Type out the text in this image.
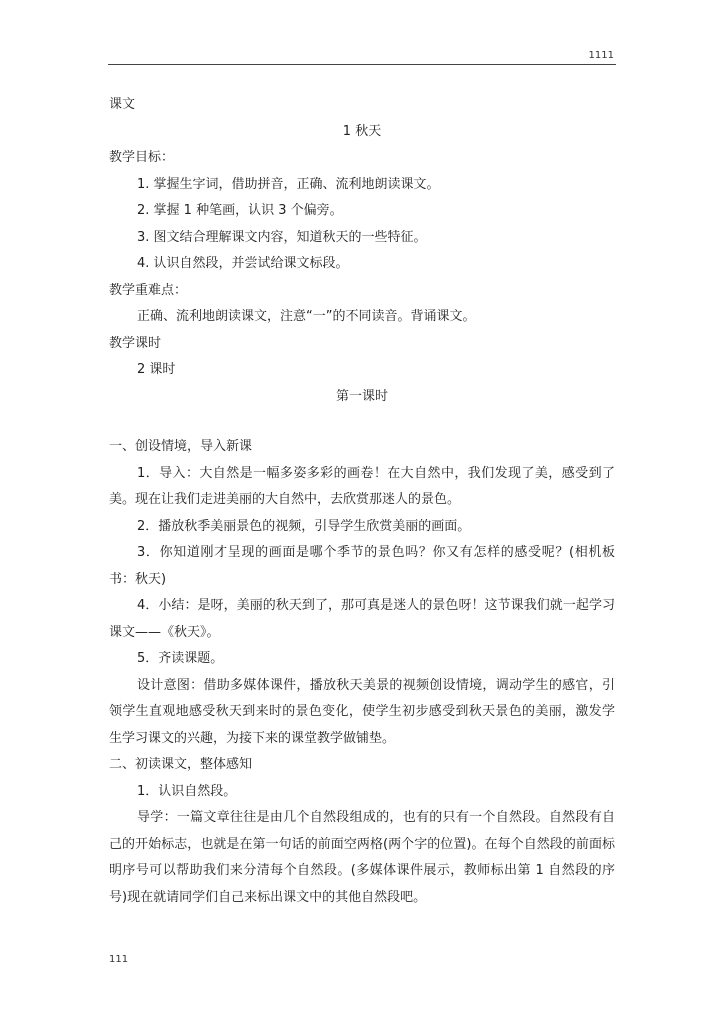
1111

课文

1 秋天

教学目标：

1. 掌握生字词，借助拼音，正确、流利地朗读课文。

2. 掌握 1 种笔画，认识 3 个偏旁。

3. 图文结合理解课文内容，知道秋天的一些特征。

4. 认识自然段，并尝试给课文标段。

教学重难点：

正确、流利地朗读课文，注意“一”的不同读音。背诵课文。

教学课时

2 课时

第一课时

一、创设情境，导入新课

1．导入：大自然是一幅多姿多彩的画卷！在大自然中，我们发现了美，感受到了美。现在让我们走进美丽的大自然中，去欣赏那迷人的景色。

2．播放秋季美丽景色的视频，引导学生欣赏美丽的画面。

3．你知道刚才呈现的画面是哪个季节的景色吗？你又有怎样的感受呢？(相机板书：秋天)

4．小结：是呀，美丽的秋天到了，那可真是迷人的景色呀！这节课我们就一起学习课文——《秋天》。

5．齐读课题。

设计意图：借助多媒体课件，播放秋天美景的视频创设情境，调动学生的感官，引领学生直观地感受秋天到来时的景色变化，使学生初步感受到秋天景色的美丽，激发学生学习课文的兴趣，为接下来的课堂教学做铺垫。

二、初读课文，整体感知

1．认识自然段。

导学：一篇文章往往是由几个自然段组成的，也有的只有一个自然段。自然段有自己的开始标志，也就是在第一句话的前面空两格(两个字的位置)。在每个自然段的前面标明序号可以帮助我们来分清每个自然段。(多媒体课件展示，教师标出第 1 自然段的序号)现在就请同学们自己来标出课文中的其他自然段吧。

111
